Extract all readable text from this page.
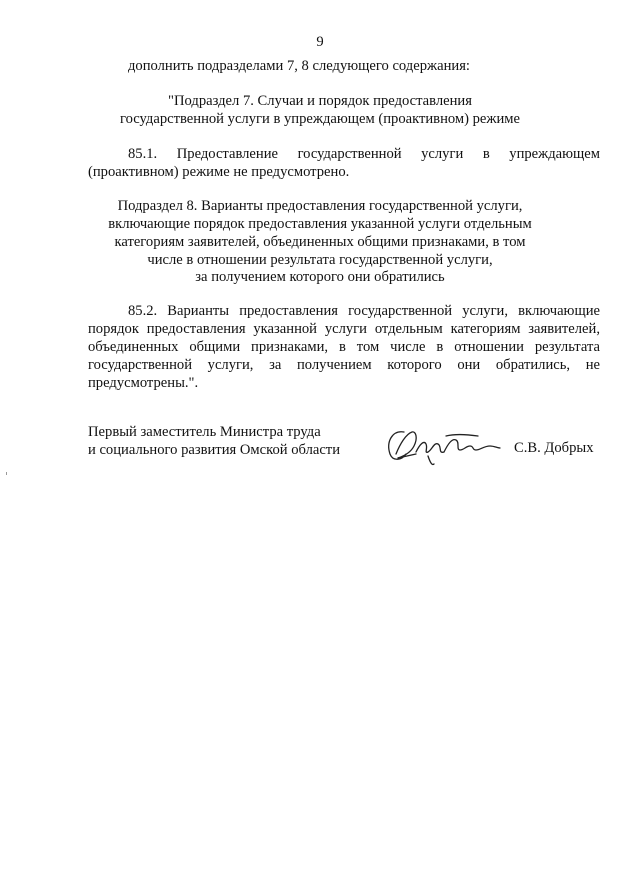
9
дополнить подразделами 7, 8 следующего содержания:
"Подраздел 7. Случаи и порядок предоставления
государственной услуги в упреждающем (проактивном) режиме
85.1. Предоставление государственной услуги в упреждающем
(проактивном) режиме не предусмотрено.
Подраздел 8. Варианты предоставления государственной услуги,
включающие порядок предоставления указанной услуги отдельным
категориям заявителей, объединенных общими признаками, в том
числе в отношении результата государственной услуги,
за получением которого они обратились
85.2. Варианты предоставления государственной услуги, включающие
порядок предоставления указанной услуги отдельным категориям заявителей,
объединенных общими признаками, в том числе в отношении результата
государственной услуги, за получением которого они обратились, не
предусмотрены.".
Первый заместитель Министра труда
и социального развития Омской области	С.В. Добрых
